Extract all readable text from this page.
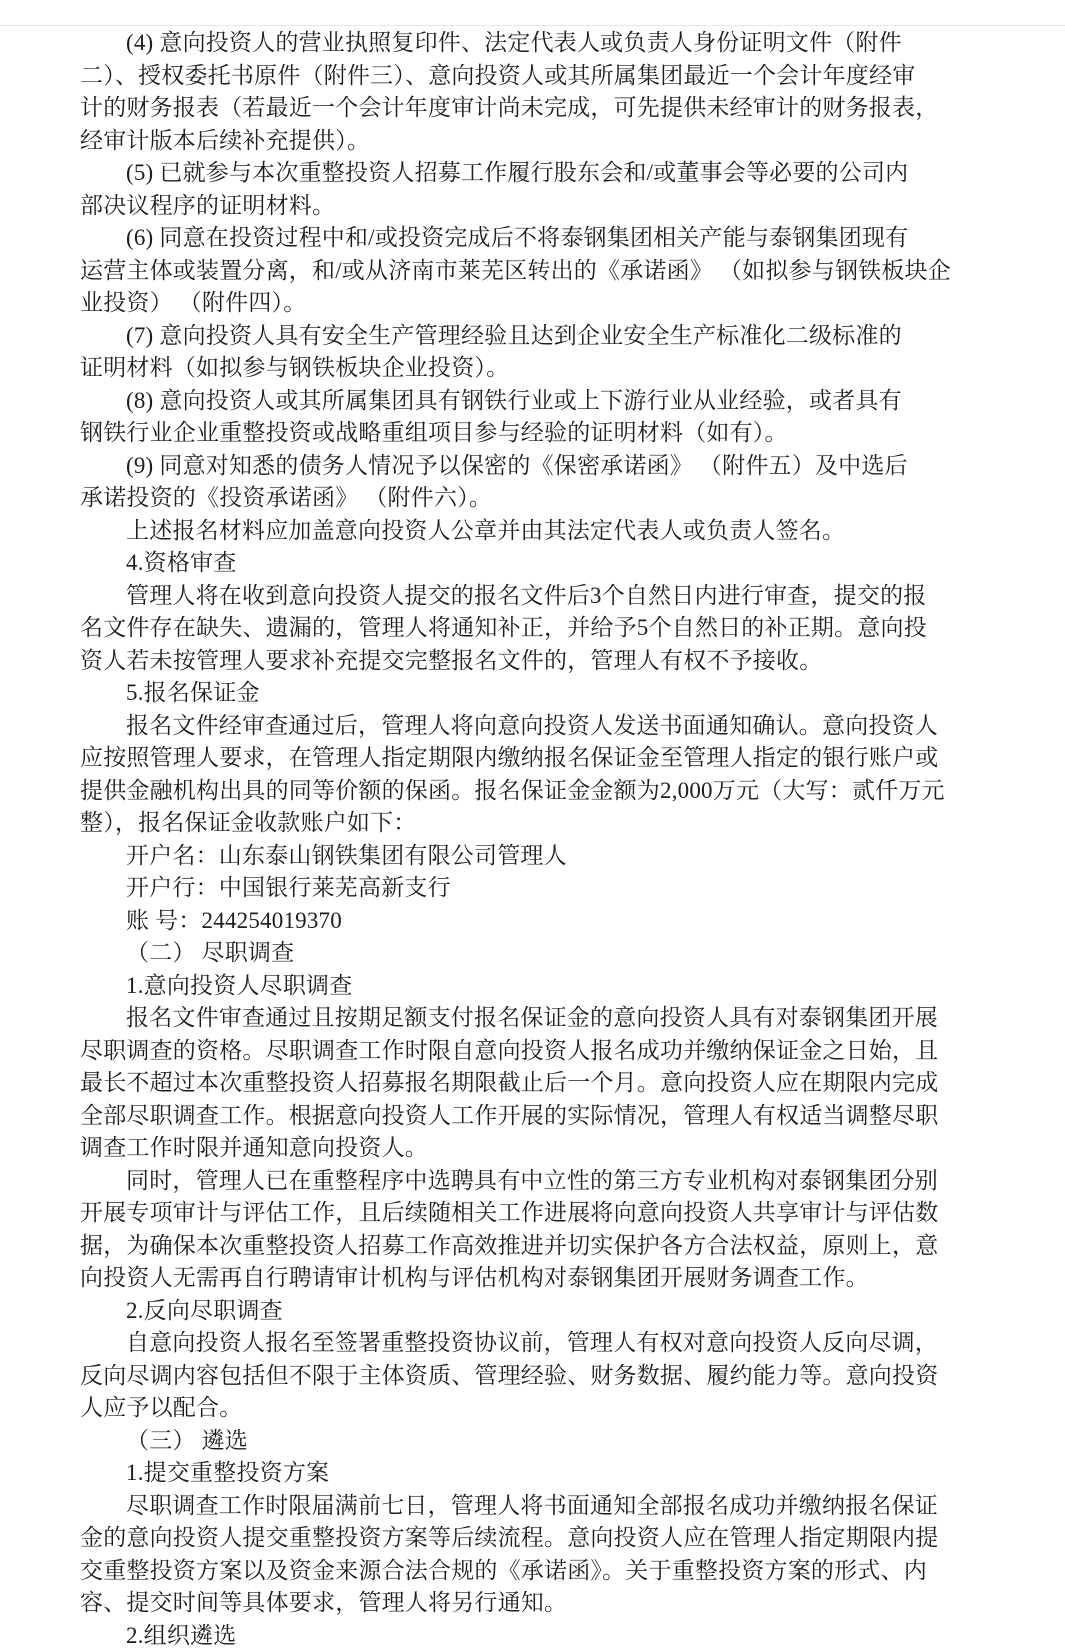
(4) 意向投资人的营业执照复印件、法定代表人或负责人身份证明文件（附件
二）、授权委托书原件（附件三）、意向投资人或其所属集团最近一个会计年度经审
计的财务报表（若最近一个会计年度审计尚未完成，可先提供未经审计的财务报表，
经审计版本后续补充提供）。
(5) 已就参与本次重整投资人招募工作履行股东会和/或董事会等必要的公司内
部决议程序的证明材料。
(6) 同意在投资过程中和/或投资完成后不将泰钢集团相关产能与泰钢集团现有
运营主体或装置分离，和/或从济南市莱芜区转出的《承诺函》 （如拟参与钢铁板块企
业投资） （附件四）。
(7) 意向投资人具有安全生产管理经验且达到企业安全生产标准化二级标准的
证明材料（如拟参与钢铁板块企业投资）。
(8) 意向投资人或其所属集团具有钢铁行业或上下游行业从业经验，或者具有
钢铁行业企业重整投资或战略重组项目参与经验的证明材料（如有）。
(9) 同意对知悉的债务人情况予以保密的《保密承诺函》 （附件五）及中选后
承诺投资的《投资承诺函》 （附件六）。
上述报名材料应加盖意向投资人公章并由其法定代表人或负责人签名。
4.资格审查
管理人将在收到意向投资人提交的报名文件后3个自然日内进行审查，提交的报
名文件存在缺失、遗漏的，管理人将通知补正，并给予5个自然日的补正期。意向投
资人若未按管理人要求补充提交完整报名文件的，管理人有权不予接收。
5.报名保证金
报名文件经审查通过后，管理人将向意向投资人发送书面通知确认。意向投资人
应按照管理人要求，在管理人指定期限内缴纳报名保证金至管理人指定的银行账户或
提供金融机构出具的同等价额的保函。报名保证金金额为2,000万元（大写：贰仟万元
整），报名保证金收款账户如下：
开户名：山东泰山钢铁集团有限公司管理人
开户行：中国银行莱芜高新支行
账 号：244254019370
（二） 尽职调查
1.意向投资人尽职调查
报名文件审查通过且按期足额支付报名保证金的意向投资人具有对泰钢集团开展
尽职调查的资格。尽职调查工作时限自意向投资人报名成功并缴纳保证金之日始，且
最长不超过本次重整投资人招募报名期限截止后一个月。意向投资人应在期限内完成
全部尽职调查工作。根据意向投资人工作开展的实际情况，管理人有权适当调整尽职
调查工作时限并通知意向投资人。
同时，管理人已在重整程序中选聘具有中立性的第三方专业机构对泰钢集团分别
开展专项审计与评估工作，且后续随相关工作进展将向意向投资人共享审计与评估数
据，为确保本次重整投资人招募工作高效推进并切实保护各方合法权益，原则上，意
向投资人无需再自行聘请审计机构与评估机构对泰钢集团开展财务调查工作。
2.反向尽职调查
自意向投资人报名至签署重整投资协议前，管理人有权对意向投资人反向尽调，
反向尽调内容包括但不限于主体资质、管理经验、财务数据、履约能力等。意向投资
人应予以配合。
（三） 遴选
1.提交重整投资方案
尽职调查工作时限届满前七日，管理人将书面通知全部报名成功并缴纳报名保证
金的意向投资人提交重整投资方案等后续流程。意向投资人应在管理人指定期限内提
交重整投资方案以及资金来源合法合规的《承诺函》。关于重整投资方案的形式、内
容、提交时间等具体要求，管理人将另行通知。
2.组织遴选
